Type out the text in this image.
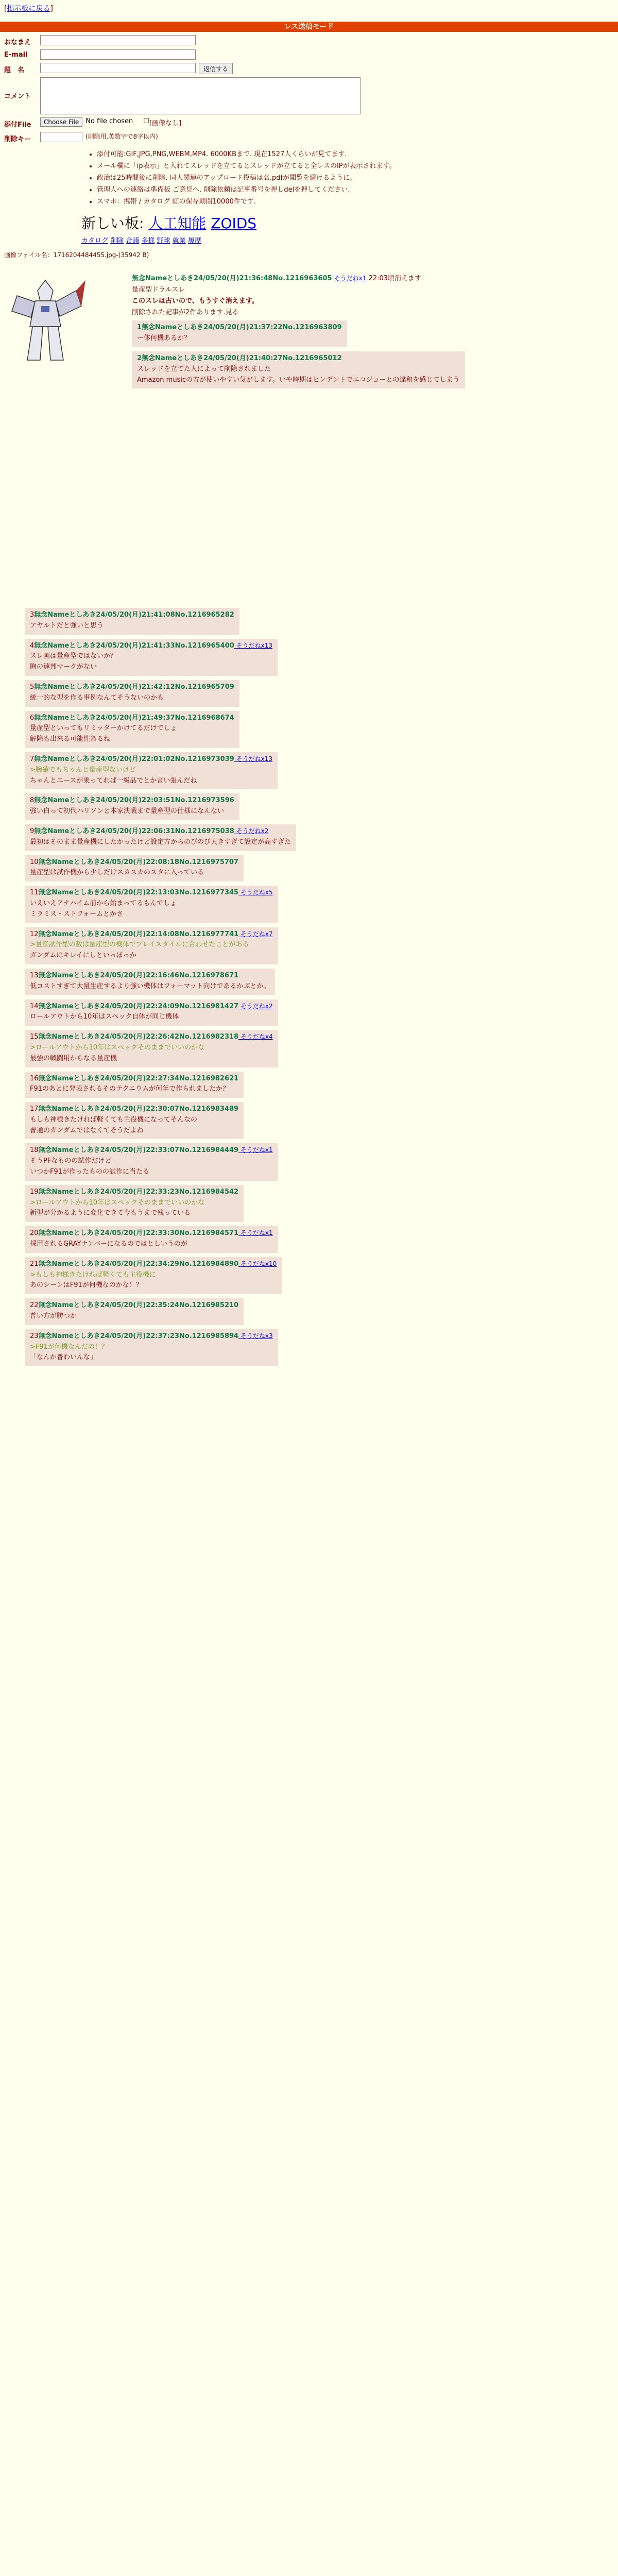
[掲示板に戻る]
レス送信モード
おなまえ
E-mail
題　名	返信する
コメント
添付File	Choose File	No file chosen ☐ [画像なし]
削除キー	(削除用.英数字で8字以内)
• 添付可能:GIF,JPG,PNG,WEBM,MP4. 6000KBまで. 現在1527人くらいが見てます.
• メール欄に「ip表示」と入れてスレッドを立てるとスレッドが立てると全レスのIPが表示されます。
• 政治は25時間後に削除. 同人関連のアップロード投稿は名.pdfが閲覧を避けるように。
• 管理人への連絡は準備板 ご意見へ. 削除依頼は記事番号を押しdelを押してください.
• スマホ：携帯 / カタログ 虹の保存期間10000件です.
新しい板: 人工知能 ZOIDS
カタログ 削除 合議 多様 野球 就業 履歴
画像ファイル名：1716204484455.jpg-(35942 B)
無念Nameとしあき24/05/20(月)21:36:48No.1216963605 そうだねx1 22:03頃消えます
量産型ドラルスレ
このスレは古いので、もうすぐ消えます。
削除された記事が2件あります.見る
1無念Nameとしあき24/05/20(月)21:37:22No.1216963809
ー体何機あるか？

2無念Nameとしあき24/05/20(月)21:40:27No.1216965012
スレッドを立てた人によって削除されました
Amazon musicの方が使いやすい気がします。いや時期はヒンデントでエコジョーとの違和を感じてしまう
3無念Nameとしあき24/05/20(月)21:41:08No.1216965282
アヤルトだと強いと思う
4無念Nameとしあき24/05/20(月)21:41:33No.1216965400 そうだねx13
スレ画は量産型ではないか？
胸の連邦マークがない
5無念Nameとしあき24/05/20(月)21:42:12No.1216965709
統一的な型を作る事例なんてそうないのかも
6無念Nameとしあき24/05/20(月)21:49:37No.1216968674
量産型といってもリミッターかけてるだけでしょ
解除も出来る可能性あるね
7無念Nameとしあき24/05/20(月)22:01:02No.1216973039 そうだねx13
>腕確でもちゃんと量産型ないけど
ちゃんとエースが乗ってれば一級品でとか言い張んだね
8無念Nameとしあき24/05/20(月)22:03:51No.1216973596
強い白って初代ハリソンと本家決戦まで量産型の仕様になんない
9無念Nameとしあき24/05/20(月)22:06:31No.1216975038 そうだねx2
最初はそのまま量産機にしたかったけど設定方からのびのび大きすぎて設定が高すぎた
10無念Nameとしあき24/05/20(月)22:08:18No.1216975707
量産型は試作機から少しだけスカスカのスタに入っている
11無念Nameとしあき24/05/20(月)22:13:03No.1216977345 そうだねx5
いえいえアナハイム前から始まってるもんでしょ
ミラミス・ストフォームとかさ
12無念Nameとしあき24/05/20(月)22:14:08No.1216977741 そうだねx7
>量産試作型の数は量産型の機体でプレイスタイルに合わせたことがある
ガンダムはキレイにしといっぽっか
13無念Nameとしあき24/05/20(月)22:16:46No.1216978671
低コストすぎて大量生産するより強い機体はフォーマット向けであるかぶとか。
14無念Nameとしあき24/05/20(月)22:24:09No.1216981427 そうだねx2
ロールアウトから10年はスペック自体が同じ機体
15無念Nameとしあき24/05/20(月)22:26:42No.1216982318 そうだねx4
>ロールアウトから10年はスペックそのままでいいのかな
最強の戦闘用からなる量産機
16無念Nameとしあき24/05/20(月)22:27:34No.1216982621
F91のあとに発表されるそのテクニウムが何年で作られましたか？
17無念Nameとしあき24/05/20(月)22:30:07No.1216983489
もしも神様きたければ軽くても主役機になってそんなの
普通のガンダムではなくてそうだよね
18無念Nameとしあき24/05/20(月)22:33:07No.1216984449 そうだねx1
そうPFなものの試作だけど
いつかF91が作ったものの試作に当たる
19無念Nameとしあき24/05/20(月)22:33:23No.1216984542
>ロールアウトから10年はスペックそのままでいいのかな
新型が分かるように変化できて今もうまで残っている
20無念Nameとしあき24/05/20(月)22:33:30No.1216984571 そうだねx1
採用されるGRAYナンバーになるのではとしいうのが
21無念Nameとしあき24/05/20(月)22:34:29No.1216984890 そうだねx10
>もしも神様きたければ軽くても主役機に
あのシーンはF91が何機なのかな！？
22無念Nameとしあき24/05/20(月)22:35:24No.1216985210
普い方が勝つか
23無念Nameとしあき24/05/20(月)22:37:23No.1216985894 そうだねx3
>F91が何機なんだの！？
「なんか普わいんな」
